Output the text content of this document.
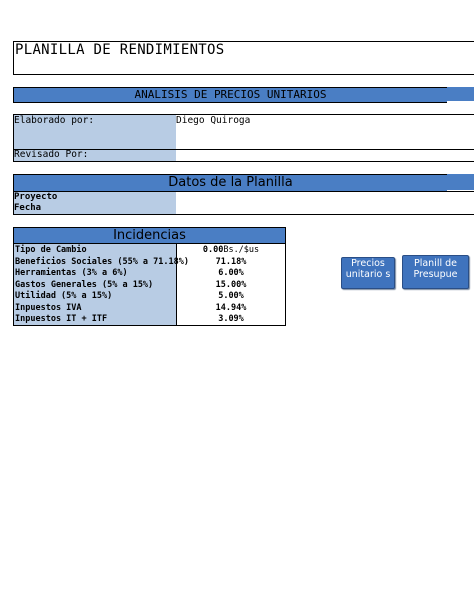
PLANILLA DE RENDIMIENTOS
ANALISIS DE PRECIOS UNITARIOS
Elaborado por:	Diego Quiroga
Revisado Por:
Datos de la Planilla
Proyecto
Fecha
Incidencias
Tipo de Cambio	0.00Bs./$us
Beneficios Sociales (55% a 71.18%)	71.18%
Herramientas (3% a 6%)	6.00%
Gastos Generales (5% a 15%)	15.00%
Utilidad (5% a 15%)	5.00%
Inpuestos IVA	14.94%
Inpuestos IT + ITF	3.09%
Precios unitario s
Planill de Presupue
